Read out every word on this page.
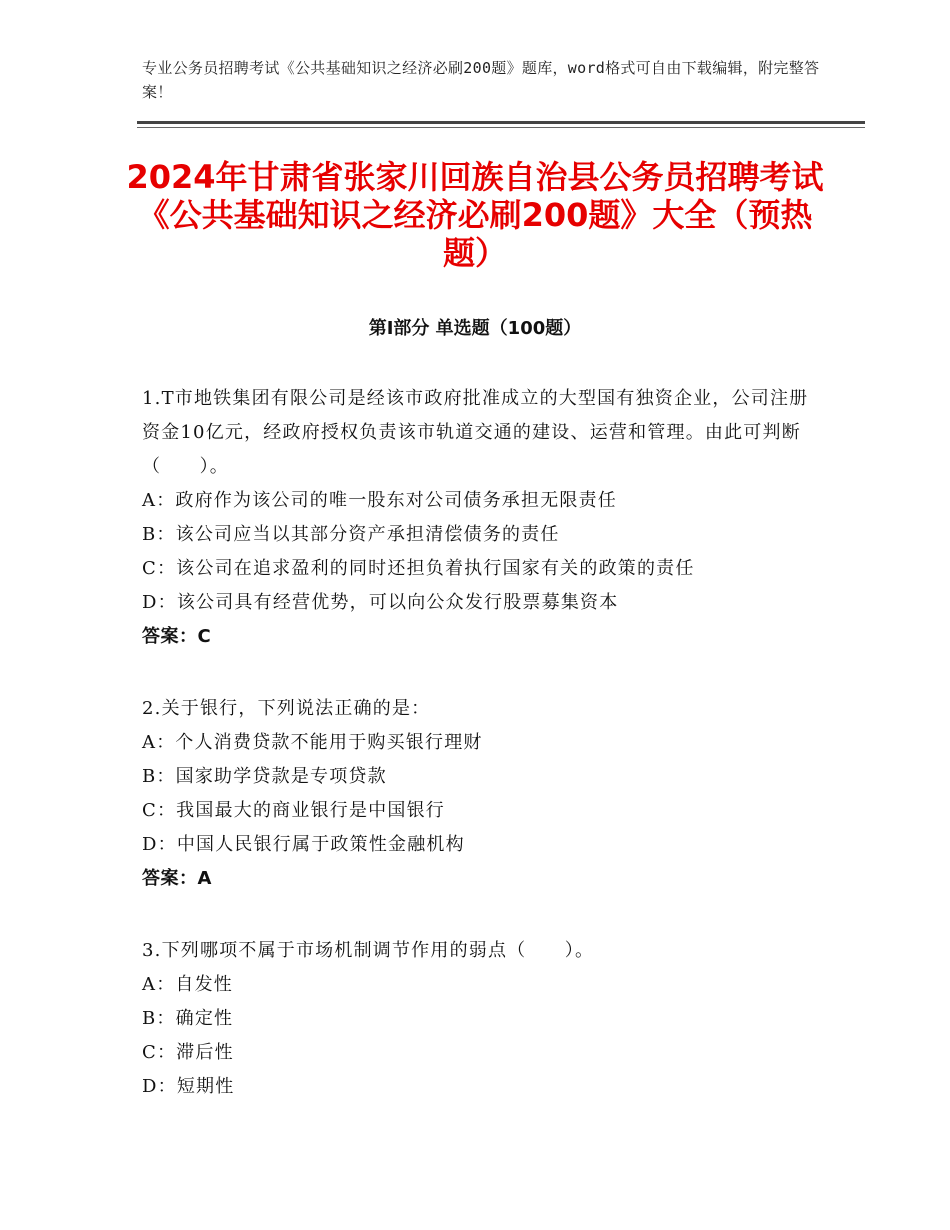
专业公务员招聘考试《公共基础知识之经济必刷200题》题库，word格式可自由下载编辑，附完整答案！
2024年甘肃省张家川回族自治县公务员招聘考试《公共基础知识之经济必刷200题》大全（预热题）
第Ⅰ部分 单选题（100题）
1.T市地铁集团有限公司是经该市政府批准成立的大型国有独资企业，公司注册资金10亿元，经政府授权负责该市轨道交通的建设、运营和管理。由此可判断（　　）。
A：政府作为该公司的唯一股东对公司债务承担无限责任
B：该公司应当以其部分资产承担清偿债务的责任
C：该公司在追求盈利的同时还担负着执行国家有关的政策的责任
D：该公司具有经营优势，可以向公众发行股票募集资本
答案：C
2.关于银行，下列说法正确的是：
A：个人消费贷款不能用于购买银行理财
B：国家助学贷款是专项贷款
C：我国最大的商业银行是中国银行
D：中国人民银行属于政策性金融机构
答案：A
3.下列哪项不属于市场机制调节作用的弱点（　　）。
A：自发性
B：确定性
C：滞后性
D：短期性
